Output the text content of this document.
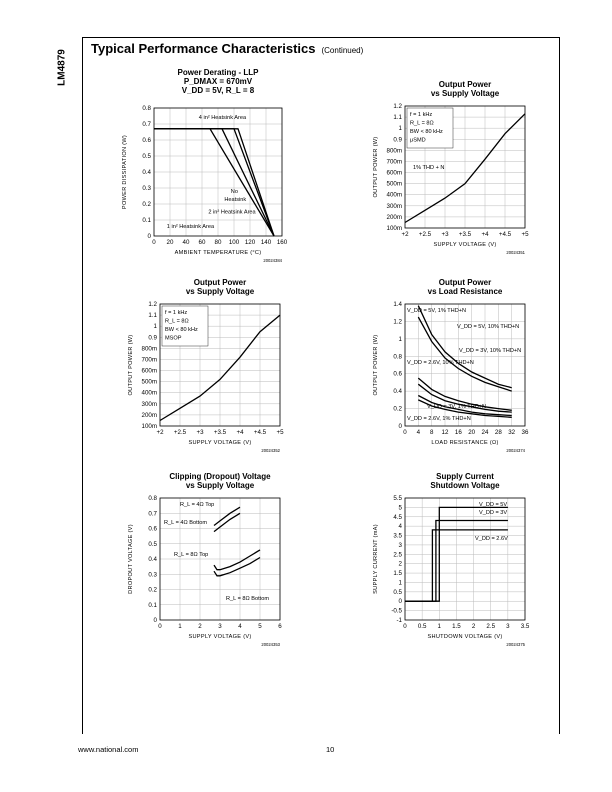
LM4879
Typical Performance Characteristics (Continued)
Power Derating - LLP
P_DMAX = 670mV
V_DD = 5V, R_L = 8
0 20 40 60 80 100 120 140 160
0
0.1
0.2
0.3
0.4
0.5
0.6
0.7
0.8
AMBIENT TEMPERATURE (°C)
POWER DISSIPATION (W)
20024384
4 in² Heatsink Area
No
Heatsink
2 in² Heatsink Area
1 in² Heatsink Area
Output Power
vs Supply Voltage
+2 +2.5 +3 +3.5 +4 +4.5 +5
100m
200m
300m
400m
500m
600m
700m
800m
0.9
1
1.1
1.2
SUPPLY VOLTAGE (V)
OUTPUT POWER (W)
20024351
f = 1 kHz
R_L = 8Ω
BW < 80 kHz
μSMD
1% THD + N
Output Power
vs Supply Voltage
+2 +2.5 +3 +3.5 +4 +4.5 +5
100m
200m
300m
400m
500m
600m
700m
800m
0.9
1
1.1
1.2
SUPPLY VOLTAGE (V)
OUTPUT POWER (W)
20024352
f = 1 kHz
R_L = 8Ω
BW < 80 kHz
MSOP
Output Power
vs Load Resistance
0 4 8 12 16 20 24 28 32 36
0
0.2
0.4
0.6
0.8
1
1.2
1.4
LOAD RESISTANCE (Ω)
OUTPUT POWER (W)
20024374
V_DD = 5V, 1% THD+N
V_DD = 5V, 10% THD+N
V_DD = 3V, 10% THD+N
V_DD = 2.6V, 10% THD+N
V_DD = 3V, 1% THD+N
V_DD = 2.6V, 1% THD+N
Clipping (Dropout) Voltage
vs Supply Voltage
0	1	2	3	4	5	6
0
0.1
0.2
0.3
0.4
0.5
0.6
0.7
0.8
SUPPLY VOLTAGE (V)
DROPOUT VOLTAGE (V)
20024353
R_L = 4Ω Top
R_L = 4Ω Bottom
R_L = 8Ω Top
R_L = 8Ω Bottom
Supply Current
Shutdown Voltage
0 0.5 1 1.5 2 2.5 3 3.5
-1
-0.5
0
0.5
1
1.5
2
2.5
3
3.5
4
4.5
5
5.5
SHUTDOWN VOLTAGE (V)
SUPPLY CURRENT (mA)
20024375
V_DD = 5V
V_DD = 3V
V_DD = 2.6V
www.national.com	10
